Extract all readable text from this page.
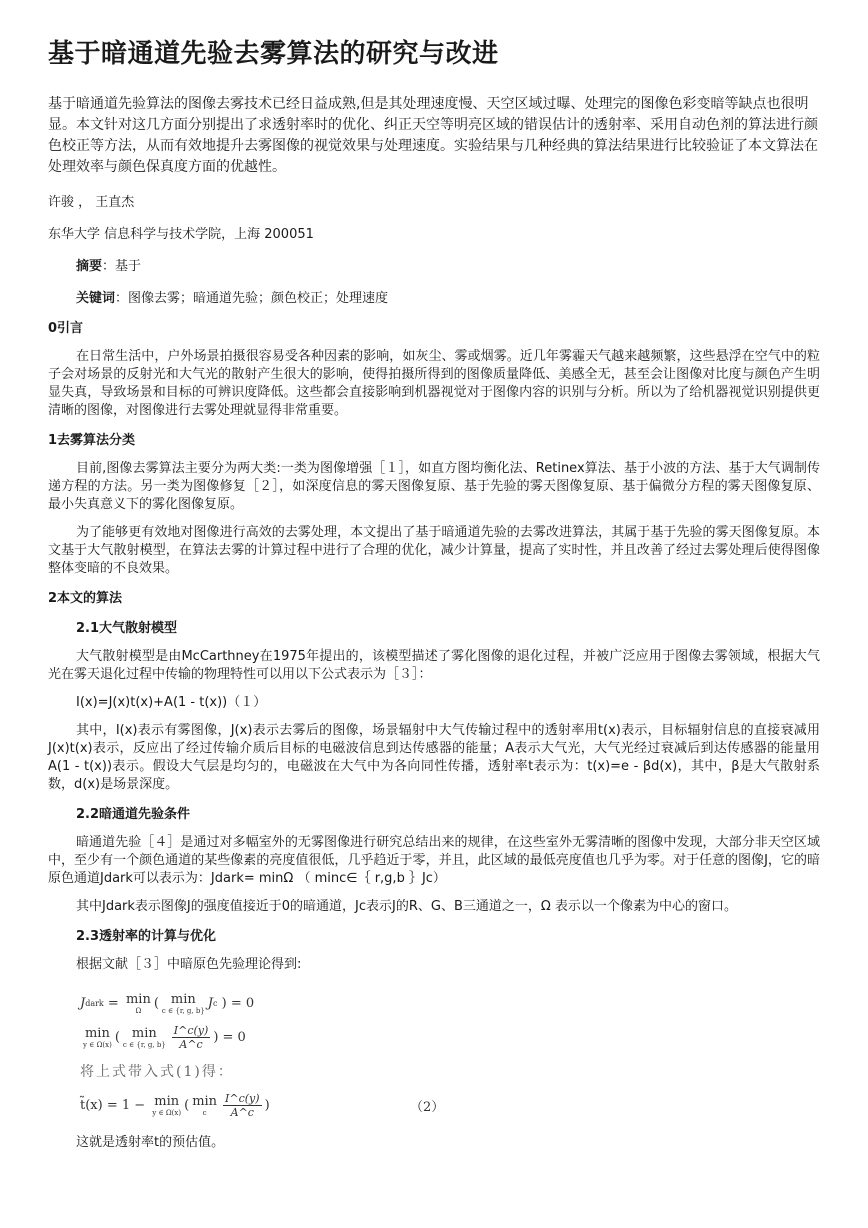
基于暗通道先验去雾算法的研究与改进

基于暗通道先验算法的图像去雾技术已经日益成熟,但是其处理速度慢、天空区域过曝、处理完的图像色彩变暗等缺点也很明显。本文针对这几方面分别提出了求透射率时的优化、纠正天空等明亮区域的错误估计的透射率、采用自动色剂的算法进行颜色校正等方法，从而有效地提升去雾图像的视觉效果与处理速度。实验结果与几种经典的算法结果进行比较验证了本文算法在处理效率与颜色保真度方面的优越性。

许骏 ， 王直杰

东华大学 信息科学与技术学院，上海 200051

摘要：基于

关键词：图像去雾；暗通道先验；颜色校正；处理速度

0引言

在日常生活中，户外场景拍摄很容易受各种因素的影响，如灰尘、雾或烟雾。近几年雾霾天气越来越频繁，这些悬浮在空气中的粒子会对场景的反射光和大气光的散射产生很大的影响，使得拍摄所得到的图像质量降低、美感全无，甚至会让图像对比度与颜色产生明显失真，导致场景和目标的可辨识度降低。这些都会直接影响到机器视觉对于图像内容的识别与分析。所以为了给机器视觉识别提供更清晰的图像，对图像进行去雾处理就显得非常重要。

1去雾算法分类

目前,图像去雾算法主要分为两大类:一类为图像增强［１］，如直方图均衡化法、Retinex算法、基于小波的方法、基于大气调制传递方程的方法。另一类为图像修复［２］，如深度信息的雾天图像复原、基于先验的雾天图像复原、基于偏微分方程的雾天图像复原、最小失真意义下的雾化图像复原。

为了能够更有效地对图像进行高效的去雾处理，本文提出了基于暗通道先验的去雾改进算法，其属于基于先验的雾天图像复原。本文基于大气散射模型，在算法去雾的计算过程中进行了合理的优化，减少计算量，提高了实时性，并且改善了经过去雾处理后使得图像整体变暗的不良效果。

2本文的算法

2.1大气散射模型

大气散射模型是由McCarthney在1975年提出的，该模型描述了雾化图像的退化过程，并被广泛应用于图像去雾领域，根据大气光在雾天退化过程中传输的物理特性可以用以下公式表示为［３］：

I(x)=J(x)t(x)+A(1 - t(x))（１）

其中，I(x)表示有雾图像，J(x)表示去雾后的图像，场景辐射中大气传输过程中的透射率用t(x)表示，目标辐射信息的直接衰减用J(x)t(x)表示，反应出了经过传输介质后目标的电磁波信息到达传感器的能量；A表示大气光，大气光经过衰减后到达传感器的能量用A(1 - t(x))表示。假设大气层是均匀的，电磁波在大气中为各向同性传播，透射率t表示为：t(x)=e - βd(x)，其中，β是大气散射系数，d(x)是场景深度。

2.2暗通道先验条件

暗通道先验［４］是通过对多幅室外的无雾图像进行研究总结出来的规律，在这些室外无雾清晰的图像中发现，大部分非天空区域中，至少有一个颜色通道的某些像素的亮度值很低，几乎趋近于零，并且，此区域的最低亮度值也几乎为零。对于任意的图像J，它的暗原色通道Jdark可以表示为：Jdark= minΩ （ minc∈｛ r,g,b ｝Jc）

其中Jdark表示图像J的强度值接近于0的暗通道，Jc表示J的R、G、B三通道之一，Ω 表示以一个像素为中心的窗口。

2.3透射率的计算与优化

根据文献［３］中暗原色先验理论得到:

J dark = min
Ω ( min
c ∈ {r, g, b} J c
) = 0
min
y ∈ Ω(x) ( min
c ∈ {r, g, $b\} \frac{I\^{}c(y)}{A\^{}c}$ ) = 0
将上式带入式(1)得：
t̃(x) = 1 −
min
y ∈ Ω(x) ( min
c $\frac{I\^{}c(y)}{A\^{}c}$ )	（2）

这就是透射率t的预估值。
